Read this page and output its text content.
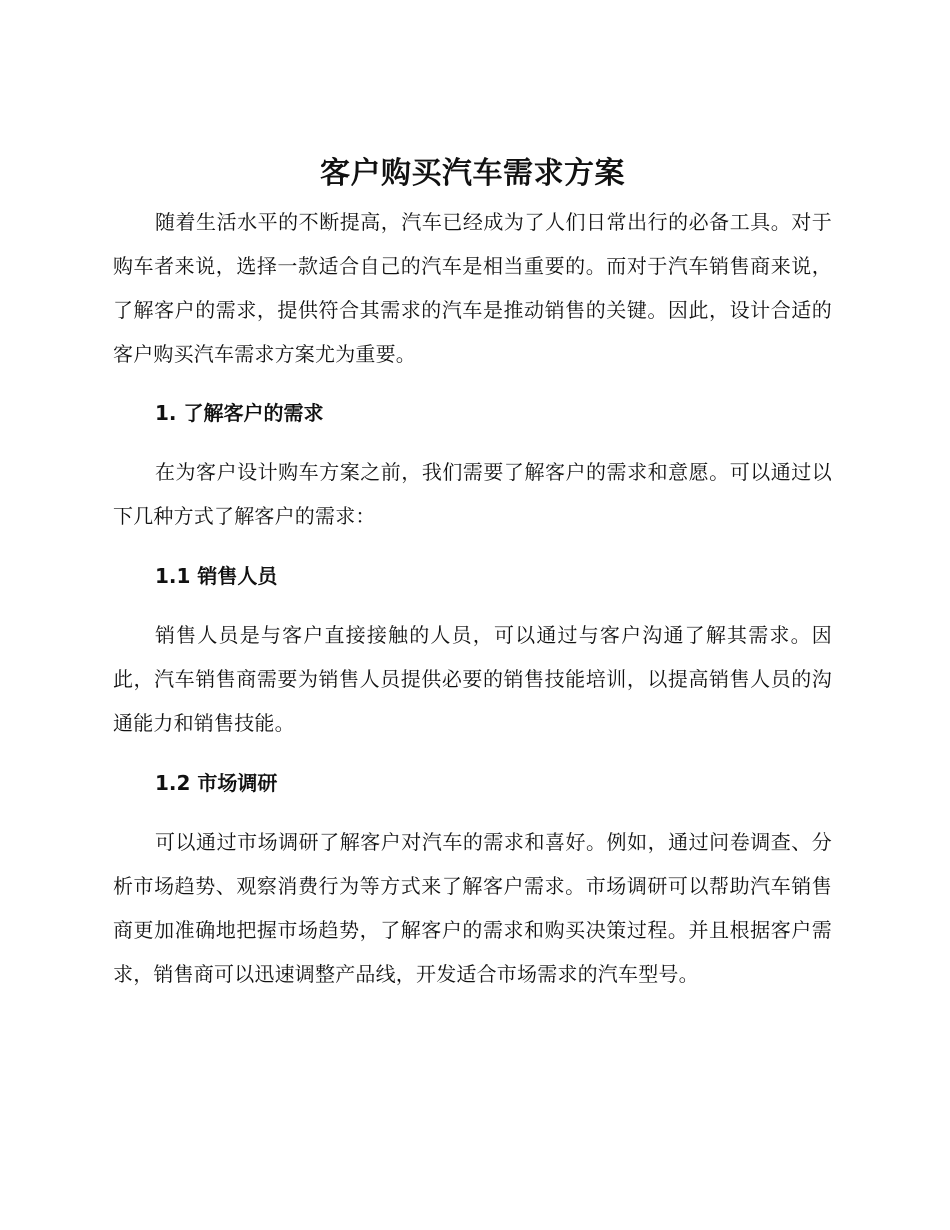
客户购买汽车需求方案

随着生活水平的不断提高，汽车已经成为了人们日常出行的必备工具。对于购车者来说，选择一款适合自己的汽车是相当重要的。而对于汽车销售商来说，了解客户的需求，提供符合其需求的汽车是推动销售的关键。因此，设计合适的客户购买汽车需求方案尤为重要。

1. 了解客户的需求

在为客户设计购车方案之前，我们需要了解客户的需求和意愿。可以通过以下几种方式了解客户的需求：

1.1 销售人员

销售人员是与客户直接接触的人员，可以通过与客户沟通了解其需求。因此，汽车销售商需要为销售人员提供必要的销售技能培训，以提高销售人员的沟通能力和销售技能。

1.2 市场调研

可以通过市场调研了解客户对汽车的需求和喜好。例如，通过问卷调查、分析市场趋势、观察消费行为等方式来了解客户需求。市场调研可以帮助汽车销售商更加准确地把握市场趋势，了解客户的需求和购买决策过程。并且根据客户需求，销售商可以迅速调整产品线，开发适合市场需求的汽车型号。
